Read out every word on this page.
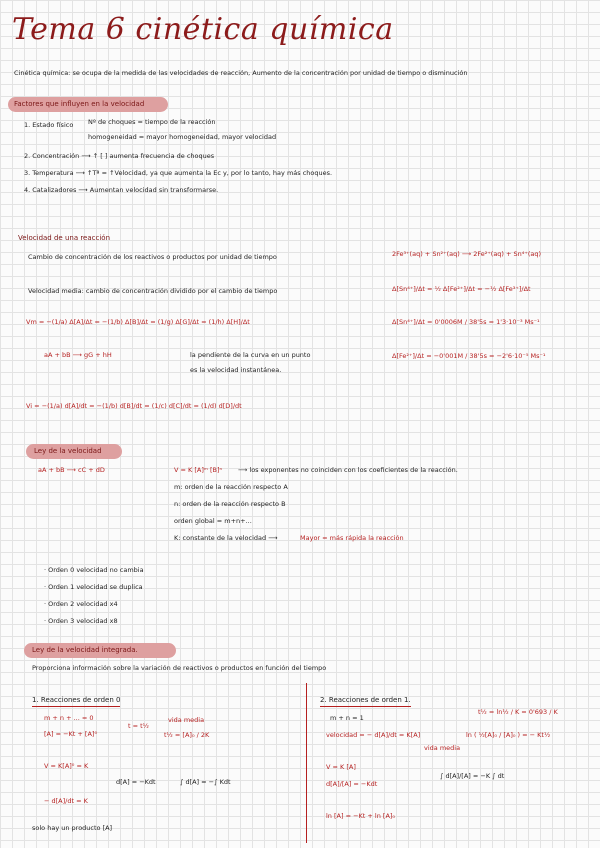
Tema 6 cinética química
Cinética química: se ocupa de la medida de las velocidades de reacción, Aumento de la concentración por unidad de tiempo o disminución
Factores que influyen en la velocidad
1. Estado físico Nº de choques = tiempo de la reacción
homogeneidad = mayor homogeneidad, mayor velocidad
2. Concentración ⟶ ↑ [ ] aumenta frecuencia de choques
3. Temperatura ⟶ ↑Tª = ↑Velocidad, ya que aumenta la Ec y, por lo tanto, hay más choques.
4. Catalizadores ⟶ Aumentan velocidad sin transformarse.
Velocidad de una reacción
Cambio de concentración de los reactivos o productos por unidad de tiempo	2Fe³⁺(aq) + Sn²⁺(aq) ⟶ 2Fe²⁺(aq) + Sn⁴⁺(aq)
Velocidad media: cambio de concentración dividido por el cambio de tiempo	Δ[Sn⁴⁺]/Δt = ½ Δ[Fe²⁺]/Δt = −½ Δ[Fe³⁺]/Δt
Vm = −(1/a) Δ[A]/Δt = −(1/b) Δ[B]/Δt = (1/g) Δ[G]/Δt = (1/h) Δ[H]/Δt	Δ[Sn⁴⁺]/Δt = 0'0006M / 38'5s = 1'3·10⁻³ Ms⁻¹
aA + bB ⟶ gG + hH	la pendiente de la curva en un punto
es la velocidad instantánea.
Δ[Fe²⁺]/Δt = −0'001M / 38'5s = −2'6·10⁻⁵ Ms⁻¹
Vi = −(1/a) d[A]/dt = −(1/b) d[B]/dt = (1/c) d[C]/dt = (1/d) d[D]/dt
Ley de la velocidad
aA + bB ⟶ cC + dD	V = K [A]ᵐ [B]ⁿ ⟶ los exponentes no coinciden con los coeficientes de la reacción.
m: orden de la reacción respecto A
n: orden de la reacción respecto B
orden global = m+n+...
K: constante de la velocidad ⟶	Mayor = más rápida la reacción
· Orden 0 velocidad no cambia
· Orden 1 velocidad se duplica
· Orden 2 velocidad x4
· Orden 3 velocidad x8
Ley de la velocidad integrada.
Proporciona información sobre la variación de reactivos o productos en función del tiempo
1. Reacciones de orden 0
m + n + ... = 0
[A] = −Kt + [A]⁰
t = t½
vida media
t½ = [A]₀ / 2K
V = K[A]⁰ = K
d[A] = −Kdt	∫ d[A] = −∫ Kdt
− d[A]/dt = K
solo hay un producto [A]
2. Reacciones de orden 1.
m + n = 1
t½ = ln½ / K = 0'693 / K
velocidad = − d[A]/dt = K[A]
vida media
ln ( ½[A]₀ / [A]₀ ) = − Kt½
V = K [A]
d[A]/[A] = −Kdt
∫ d[A]/[A] = −K ∫ dt
ln [A] = −Kt + ln [A]₀
